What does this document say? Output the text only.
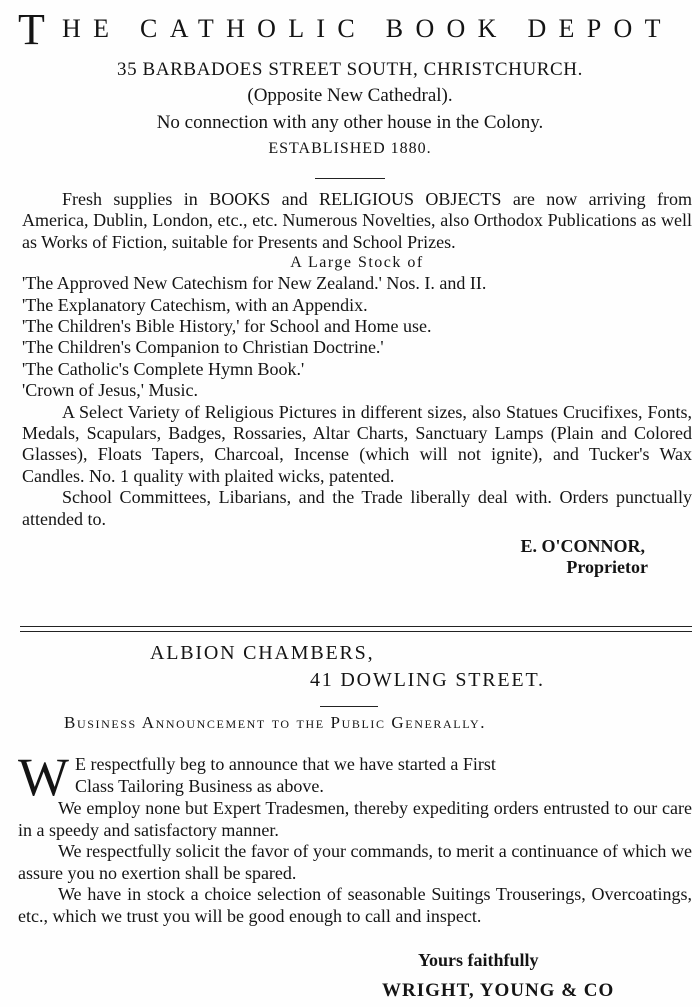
T HE CATHOLIC BOOK DEPOT
35 BARBADOES STREET SOUTH, CHRISTCHURCH.
(Opposite New Cathedral).
No connection with any other house in the Colony.
ESTABLISHED 1880.
Fresh supplies in BOOKS and RELIGIOUS OBJECTS are now arriving from America, Dublin, London, etc., etc. Numerous Novelties, also Orthodox Publications as well as Works of Fiction, suitable for Presents and School Prizes.
A Large Stock of
'The Approved New Catechism for New Zealand.' Nos. I. and II.
'The Explanatory Catechism, with an Appendix.
'The Children's Bible History,' for School and Home use.
'The Children's Companion to Christian Doctrine.'
'The Catholic's Complete Hymn Book.'
'Crown of Jesus,' Music.
A Select Variety of Religious Pictures in different sizes, also Statues Crucifixes, Fonts, Medals, Scapulars, Badges, Rossaries, Altar Charts, Sanctuary Lamps (Plain and Colored Glasses), Floats Tapers, Charcoal, Incense (which will not ignite), and Tucker's Wax Candles. No. 1 quality with plaited wicks, patented.
School Committees, Libarians, and the Trade liberally deal with. Orders punctually attended to.
E. O'CONNOR,
Proprietor
ALBION CHAMBERS,
41 DOWLING STREET.
Business Announcement to the Public Generally.
W E respectfully beg to announce that we have started a First
Class Tailoring Business as above.
We employ none but Expert Tradesmen, thereby expediting orders entrusted to our care in a speedy and satisfactory manner.
We respectfully solicit the favor of your commands, to merit a continuance of which we assure you no exertion shall be spared.
We have in stock a choice selection of seasonable Suitings Trouserings, Overcoatings, etc., which we trust you will be good enough to call and inspect.
Yours faithfully
WRIGHT, YOUNG & CO
